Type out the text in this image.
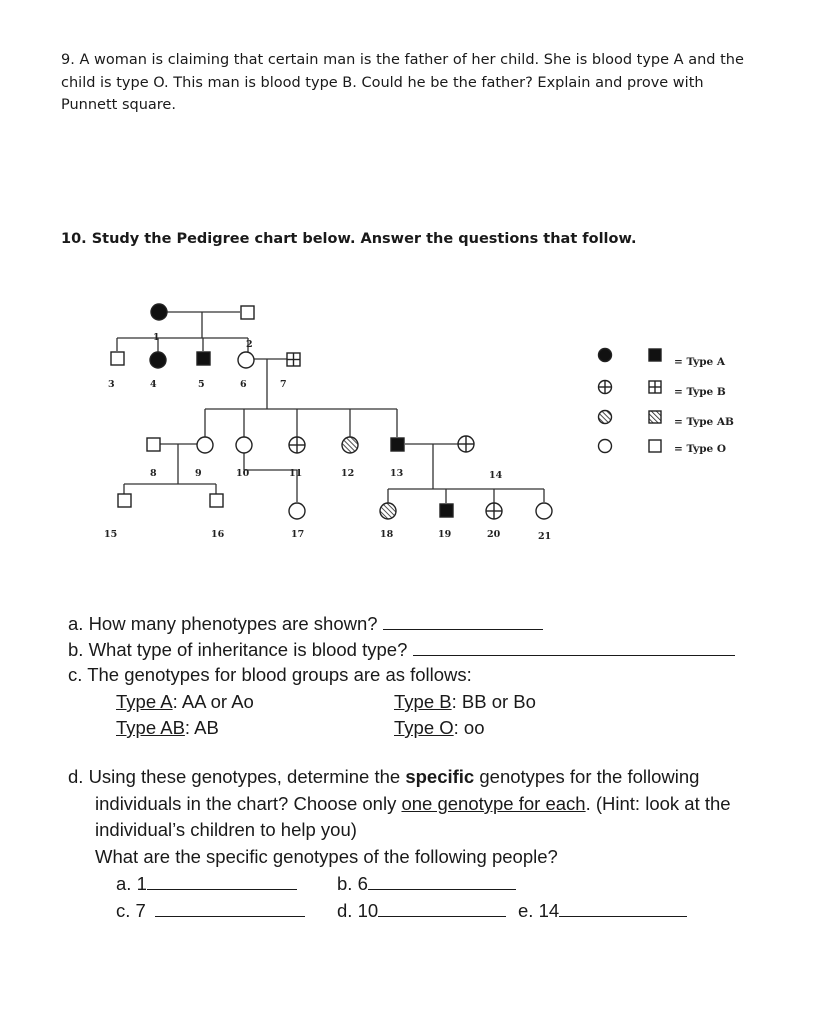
9. A woman is claiming that certain man is the father of her child. She is blood type A and the
child is type O. This man is blood type B. Could he be the father? Explain and prove with
Punnett square.
10. Study the Pedigree chart below. Answer the questions that follow.
1
2
3	4	5	6	7
8	9	10	11	12	13	14
15	16	17	18	19	20	21
= Type A
= Type B
= Type AB
= Type O
a. How many phenotypes are shown?
b. What type of inheritance is blood type?
c. The genotypes for blood groups are as follows:
Type A: AA or Ao	Type B: BB or Bo
Type AB: AB	Type O: oo
d. Using these genotypes, determine the specific genotypes for the following
individuals in the chart? Choose only one genotype for each. (Hint: look at the
individual’s children to help you)
What are the specific genotypes of the following people?
a. 1	b. 6
c. 7	d. 10	e. 14
